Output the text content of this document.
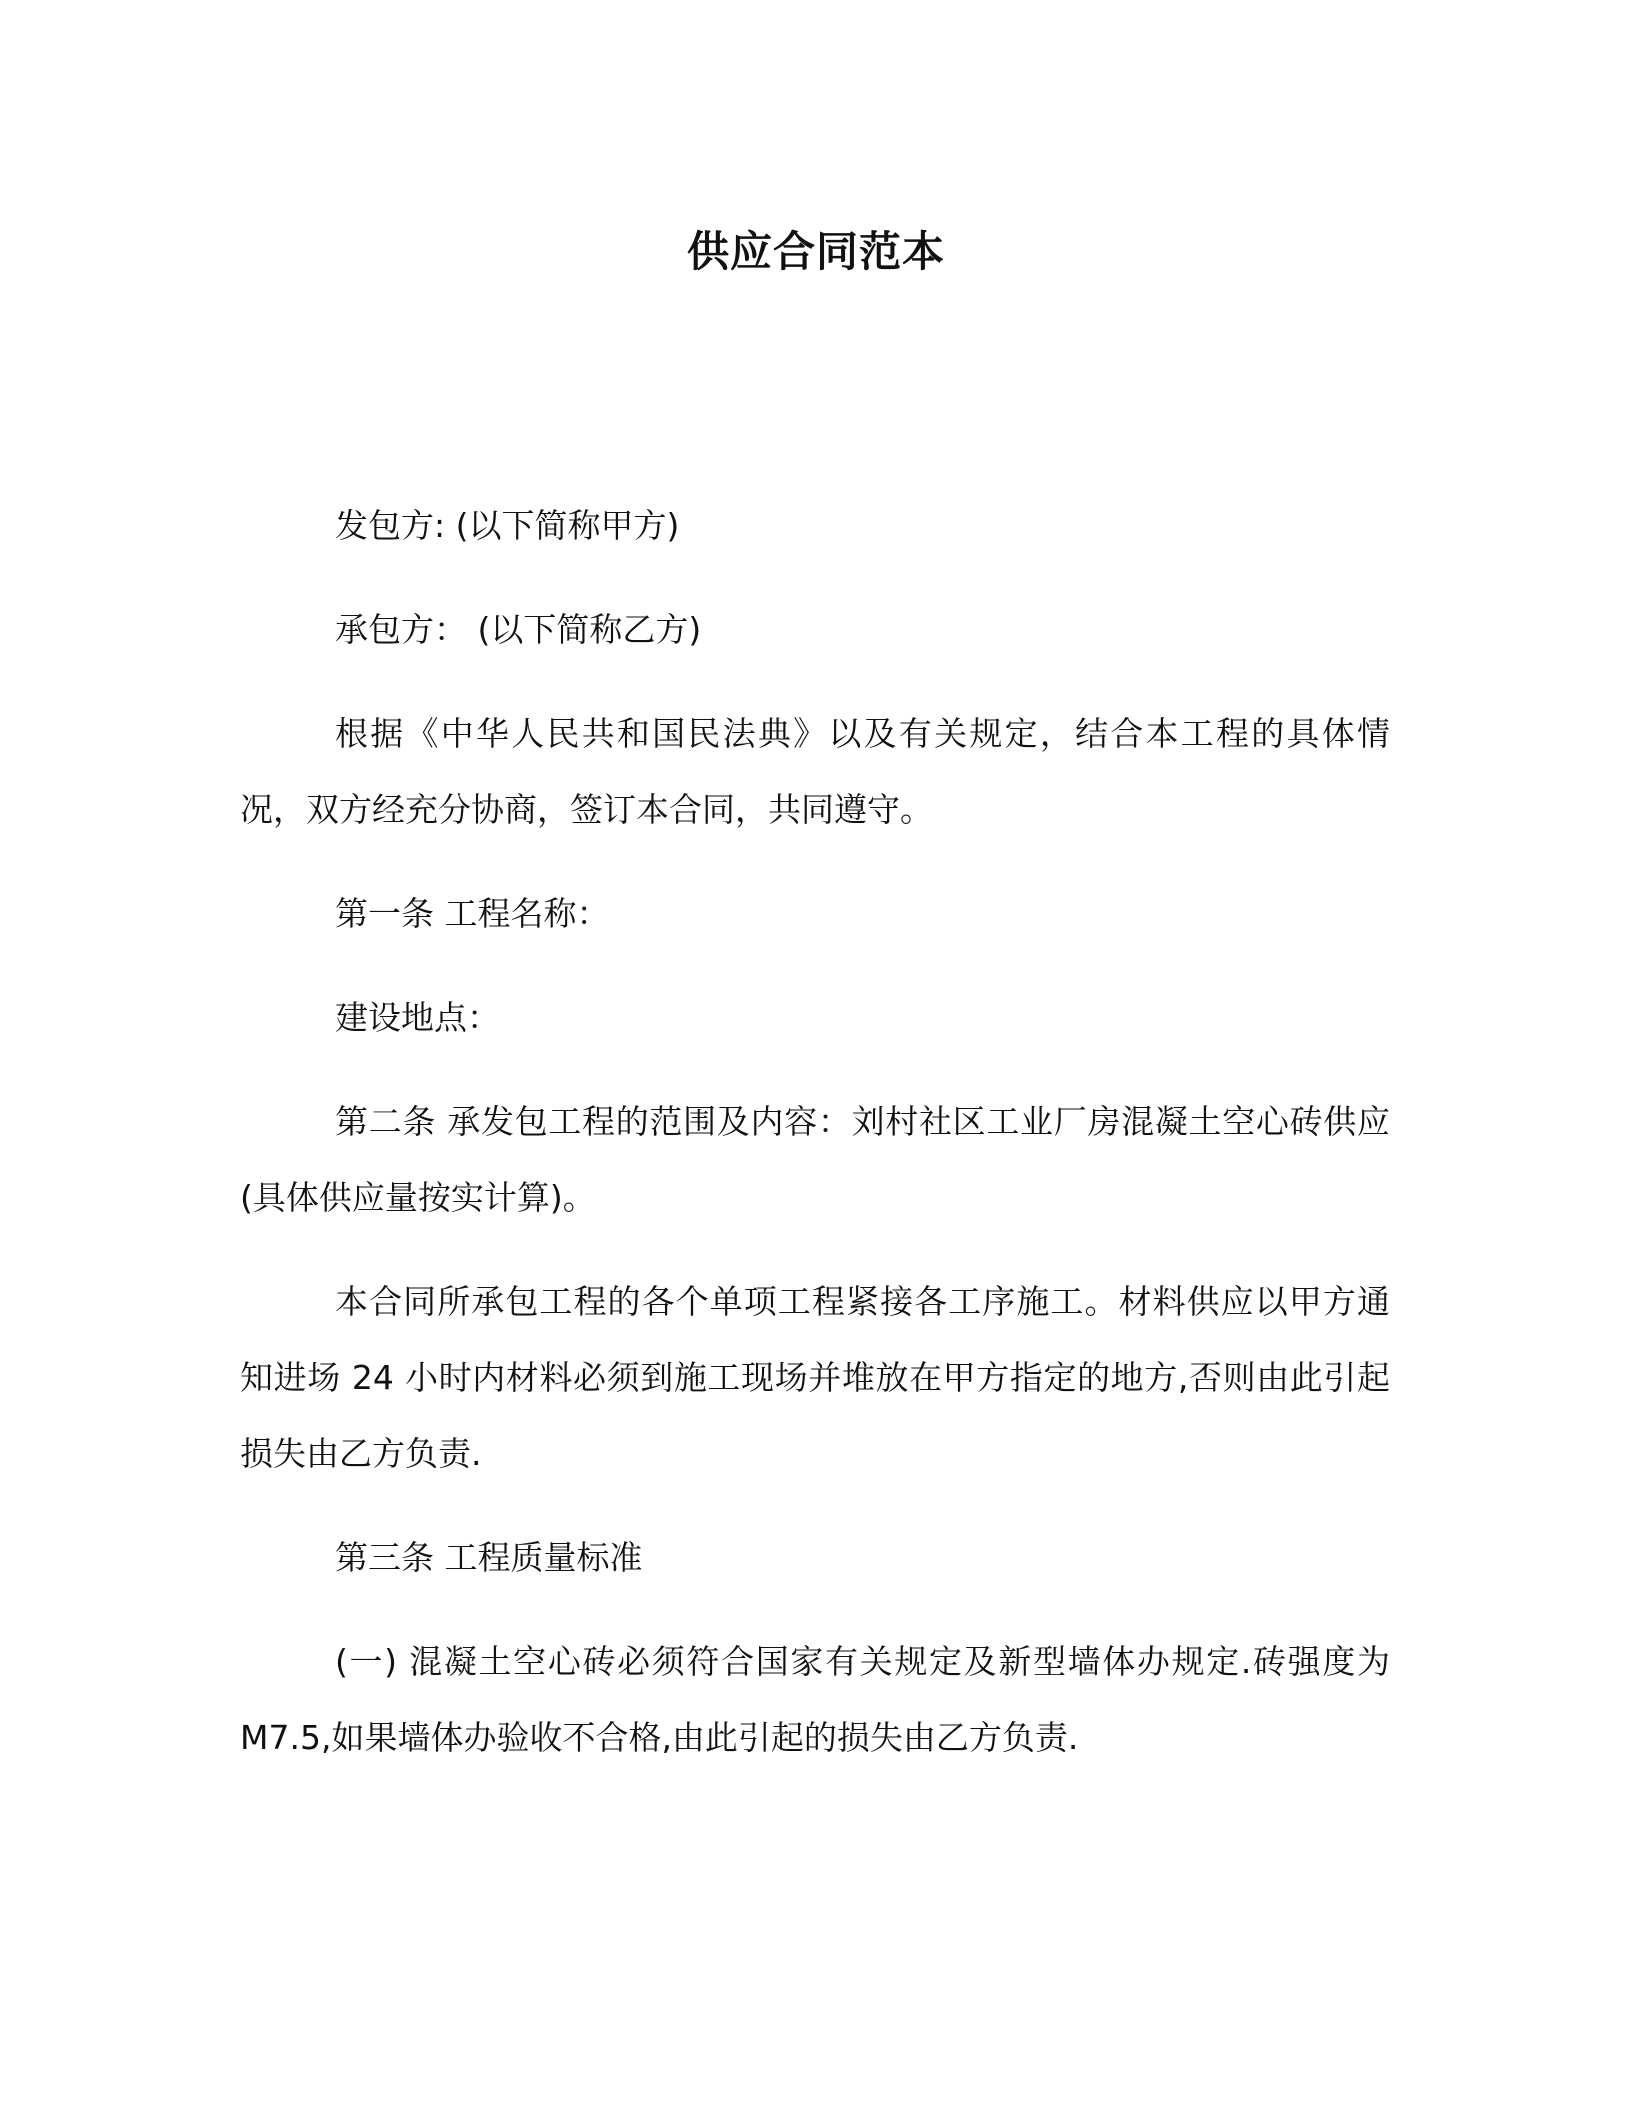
供应合同范本

发包方: (以下简称甲方)

承包方： (以下简称乙方)

根据《中华人民共和国民法典》以及有关规定，结合本工程的具体情况，双方经充分协商，签订本合同，共同遵守。

第一条 工程名称：

建设地点：

第二条 承发包工程的范围及内容：刘村社区工业厂房混凝土空心砖供应(具体供应量按实计算)。

本合同所承包工程的各个单项工程紧接各工序施工。材料供应以甲方通知进场 24 小时内材料必须到施工现场并堆放在甲方指定的地方,否则由此引起损失由乙方负责.

第三条 工程质量标准

(一) 混凝土空心砖必须符合国家有关规定及新型墙体办规定.砖强度为 M7.5,如果墙体办验收不合格,由此引起的损失由乙方负责.
